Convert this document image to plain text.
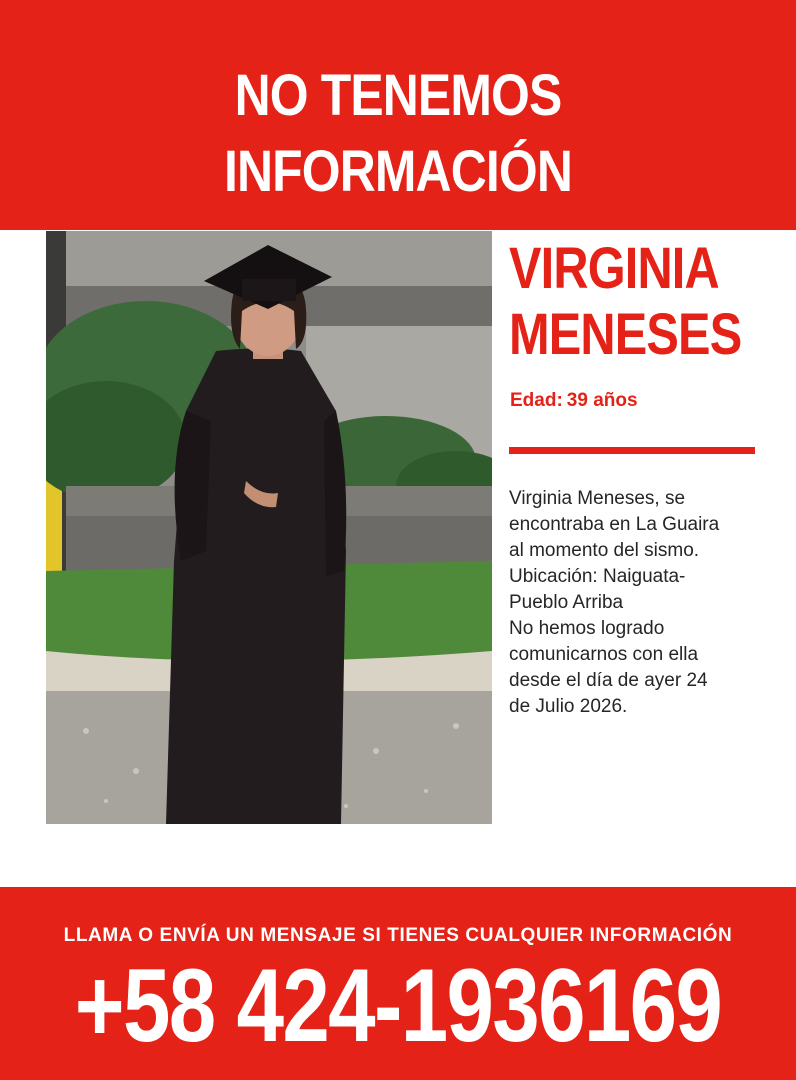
NO TENEMOS INFORMACIÓN
VIRGINIA
MENESES
Edad: 39 años
Virginia Meneses, se
encontraba en La Guaira
al momento del sismo.
Ubicación: Naiguata-
Pueblo Arriba
No hemos logrado
comunicarnos con ella
desde el día de ayer 24
de Julio 2026.
LLAMA O ENVÍA UN MENSAJE SI TIENES CUALQUIER INFORMACIÓN
+58 424-1936169
